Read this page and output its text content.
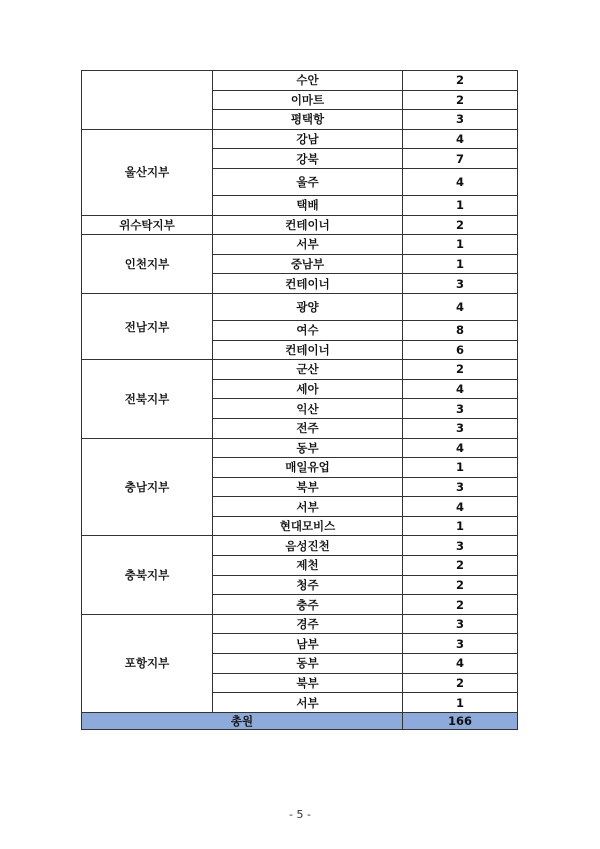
	수안	2
	이마트	2
	평택항	3
울산지부	강남	4
	강북	7
	울주	4
	택배	1
위수탁지부	컨테이너	2
인천지부	서부	1
	중남부	1
	컨테이너	3
전남지부	광양	4
	여수	8
	컨테이너	6
전북지부	군산	2
	세아	4
	익산	3
	전주	3
충남지부	동부	4
	매일유업	1
	북부	3
	서부	4
	현대모비스	1
충북지부	음성진천	3
	제천	2
	청주	2
	충주	2
포항지부	경주	3
	남부	3
	동부	4
	북부	2
	서부	1
총원		166
- 5 -
